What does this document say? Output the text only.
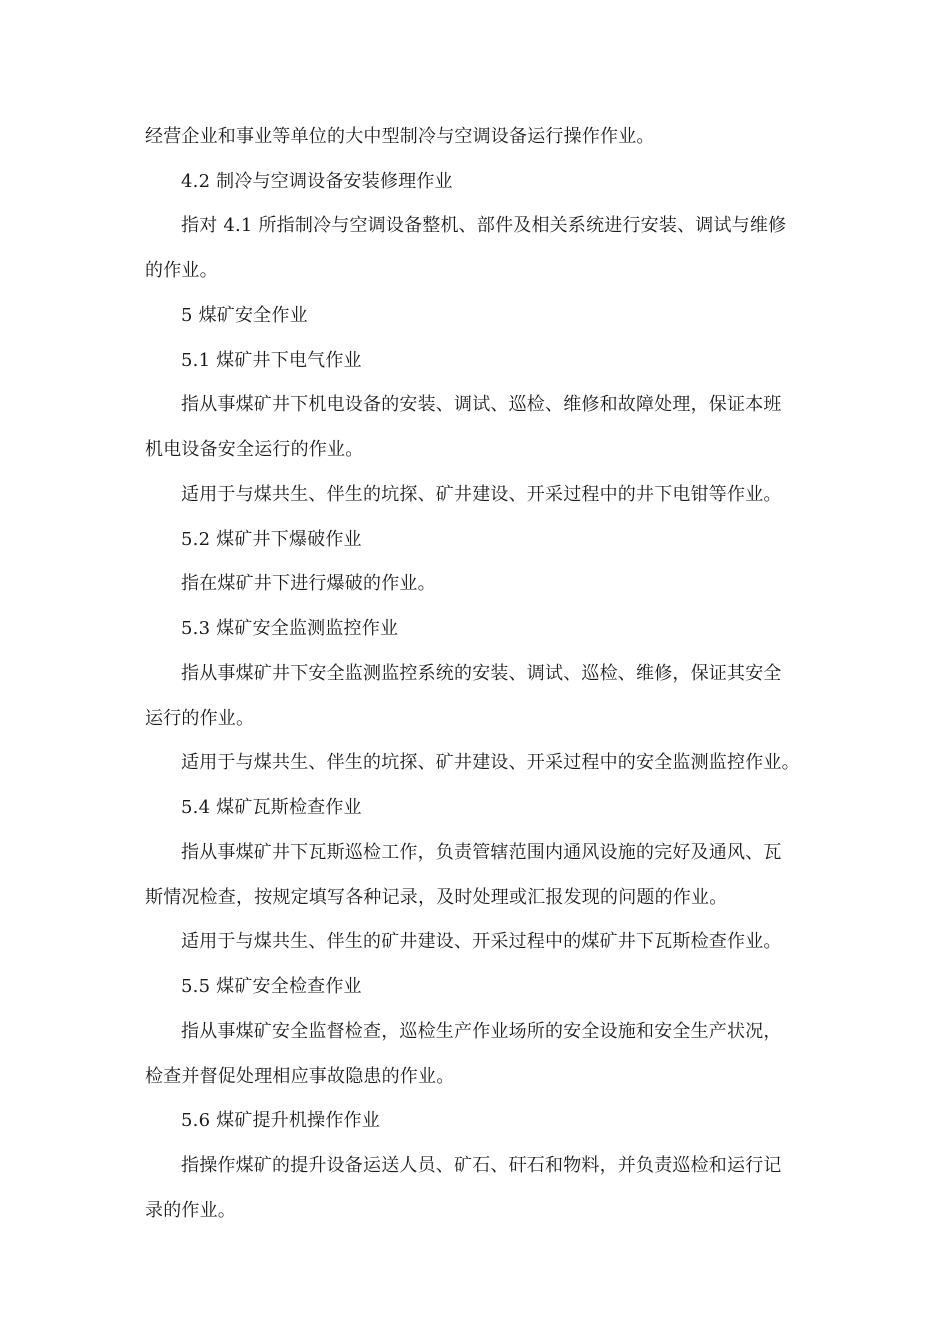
经营企业和事业等单位的大中型制冷与空调设备运行操作作业。
4.2 制冷与空调设备安装修理作业
指对 4.1 所指制冷与空调设备整机、部件及相关系统进行安装、调试与维修
的作业。
5 煤矿安全作业
5.1 煤矿井下电气作业
指从事煤矿井下机电设备的安装、调试、巡检、维修和故障处理，保证本班
机电设备安全运行的作业。
适用于与煤共生、伴生的坑探、矿井建设、开采过程中的井下电钳等作业。
5.2 煤矿井下爆破作业
指在煤矿井下进行爆破的作业。
5.3 煤矿安全监测监控作业
指从事煤矿井下安全监测监控系统的安装、调试、巡检、维修，保证其安全
运行的作业。
适用于与煤共生、伴生的坑探、矿井建设、开采过程中的安全监测监控作业。
5.4 煤矿瓦斯检查作业
指从事煤矿井下瓦斯巡检工作，负责管辖范围内通风设施的完好及通风、瓦
斯情况检查，按规定填写各种记录，及时处理或汇报发现的问题的作业。
适用于与煤共生、伴生的矿井建设、开采过程中的煤矿井下瓦斯检查作业。
5.5 煤矿安全检查作业
指从事煤矿安全监督检查，巡检生产作业场所的安全设施和安全生产状况，
检查并督促处理相应事故隐患的作业。
5.6 煤矿提升机操作作业
指操作煤矿的提升设备运送人员、矿石、矸石和物料，并负责巡检和运行记
录的作业。
